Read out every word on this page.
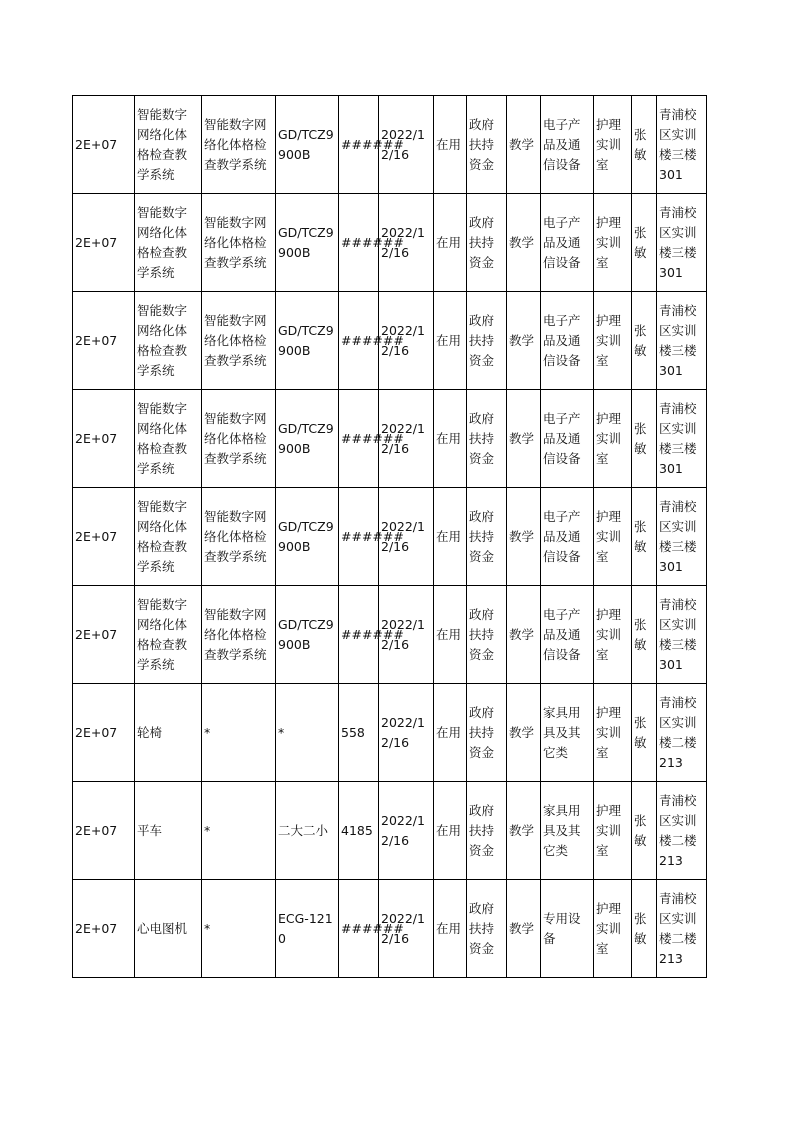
2E+07	智能数字网络化体格检查教学系统	智能数字网络化体格检查教学系统	GD/TCZ9900B	######	2022/12/16	在用	政府扶持资金	教学	电子产品及通信设备	护理实训室	张敏	青浦校区实训楼三楼301
2E+07	智能数字网络化体格检查教学系统	智能数字网络化体格检查教学系统	GD/TCZ9900B	######	2022/12/16	在用	政府扶持资金	教学	电子产品及通信设备	护理实训室	张敏	青浦校区实训楼三楼301
2E+07	智能数字网络化体格检查教学系统	智能数字网络化体格检查教学系统	GD/TCZ9900B	######	2022/12/16	在用	政府扶持资金	教学	电子产品及通信设备	护理实训室	张敏	青浦校区实训楼三楼301
2E+07	智能数字网络化体格检查教学系统	智能数字网络化体格检查教学系统	GD/TCZ9900B	######	2022/12/16	在用	政府扶持资金	教学	电子产品及通信设备	护理实训室	张敏	青浦校区实训楼三楼301
2E+07	智能数字网络化体格检查教学系统	智能数字网络化体格检查教学系统	GD/TCZ9900B	######	2022/12/16	在用	政府扶持资金	教学	电子产品及通信设备	护理实训室	张敏	青浦校区实训楼三楼301
2E+07	智能数字网络化体格检查教学系统	智能数字网络化体格检查教学系统	GD/TCZ9900B	######	2022/12/16	在用	政府扶持资金	教学	电子产品及通信设备	护理实训室	张敏	青浦校区实训楼三楼301
2E+07	轮椅	*	*	558	2022/12/16	在用	政府扶持资金	教学	家具用具及其它类	护理实训室	张敏	青浦校区实训楼二楼213
2E+07	平车	*	二大二小	4185	2022/12/16	在用	政府扶持资金	教学	家具用具及其它类	护理实训室	张敏	青浦校区实训楼二楼213
2E+07	心电图机	*	ECG-1210	######	2022/12/16	在用	政府扶持资金	教学	专用设备	护理实训室	张敏	青浦校区实训楼二楼213
